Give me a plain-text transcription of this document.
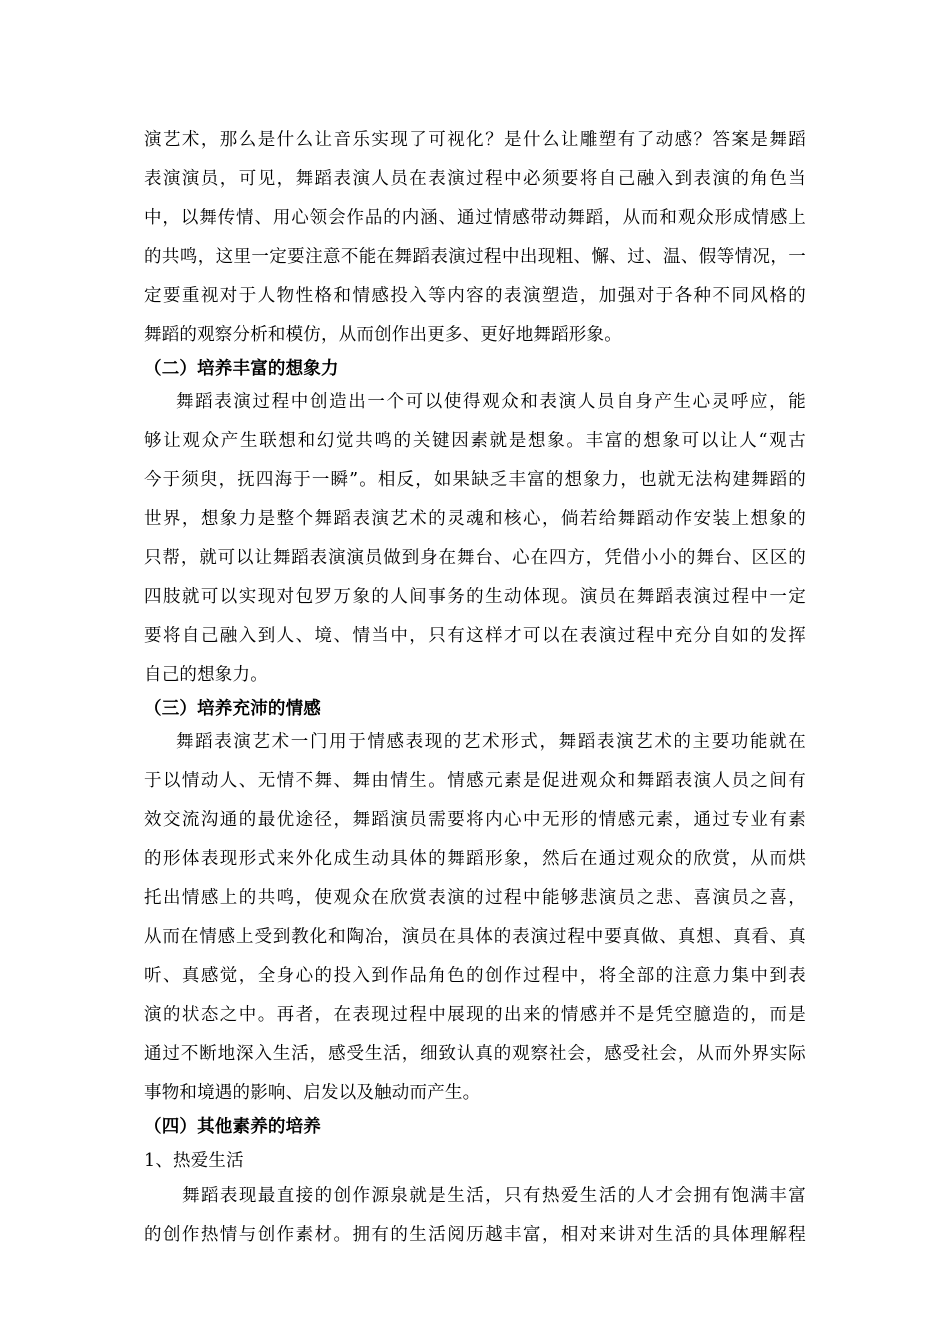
演艺术，那么是什么让音乐实现了可视化？是什么让雕塑有了动感？答案是舞蹈
表演演员，可见，舞蹈表演人员在表演过程中必须要将自己融入到表演的角色当
中，以舞传情、用心领会作品的内涵、通过情感带动舞蹈，从而和观众形成情感上
的共鸣，这里一定要注意不能在舞蹈表演过程中出现粗、懈、过、温、假等情况，一
定要重视对于人物性格和情感投入等内容的表演塑造，加强对于各种不同风格的
舞蹈的观察分析和模仿，从而创作出更多、更好地舞蹈形象。
（二）培养丰富的想象力
舞蹈表演过程中创造出一个可以使得观众和表演人员自身产生心灵呼应，能
够让观众产生联想和幻觉共鸣的关键因素就是想象。丰富的想象可以让人“观古
今于须臾，抚四海于一瞬”。相反，如果缺乏丰富的想象力，也就无法构建舞蹈的
世界，想象力是整个舞蹈表演艺术的灵魂和核心，倘若给舞蹈动作安装上想象的
只帮，就可以让舞蹈表演演员做到身在舞台、心在四方，凭借小小的舞台、区区的
四肢就可以实现对包罗万象的人间事务的生动体现。演员在舞蹈表演过程中一定
要将自己融入到人、境、情当中，只有这样才可以在表演过程中充分自如的发挥
自己的想象力。
（三）培养充沛的情感
舞蹈表演艺术一门用于情感表现的艺术形式，舞蹈表演艺术的主要功能就在
于以情动人、无情不舞、舞由情生。情感元素是促进观众和舞蹈表演人员之间有
效交流沟通的最优途径，舞蹈演员需要将内心中无形的情感元素，通过专业有素
的形体表现形式来外化成生动具体的舞蹈形象，然后在通过观众的欣赏，从而烘
托出情感上的共鸣，使观众在欣赏表演的过程中能够悲演员之悲、喜演员之喜，
从而在情感上受到教化和陶冶，演员在具体的表演过程中要真做、真想、真看、真
听、真感觉，全身心的投入到作品角色的创作过程中，将全部的注意力集中到表
演的状态之中。再者，在表现过程中展现的出来的情感并不是凭空臆造的，而是
通过不断地深入生活，感受生活，细致认真的观察社会，感受社会，从而外界实际
事物和境遇的影响、启发以及触动而产生。
（四）其他素养的培养
1、热爱生活
舞蹈表现最直接的创作源泉就是生活，只有热爱生活的人才会拥有饱满丰富
的创作热情与创作素材。拥有的生活阅历越丰富，相对来讲对生活的具体理解程
